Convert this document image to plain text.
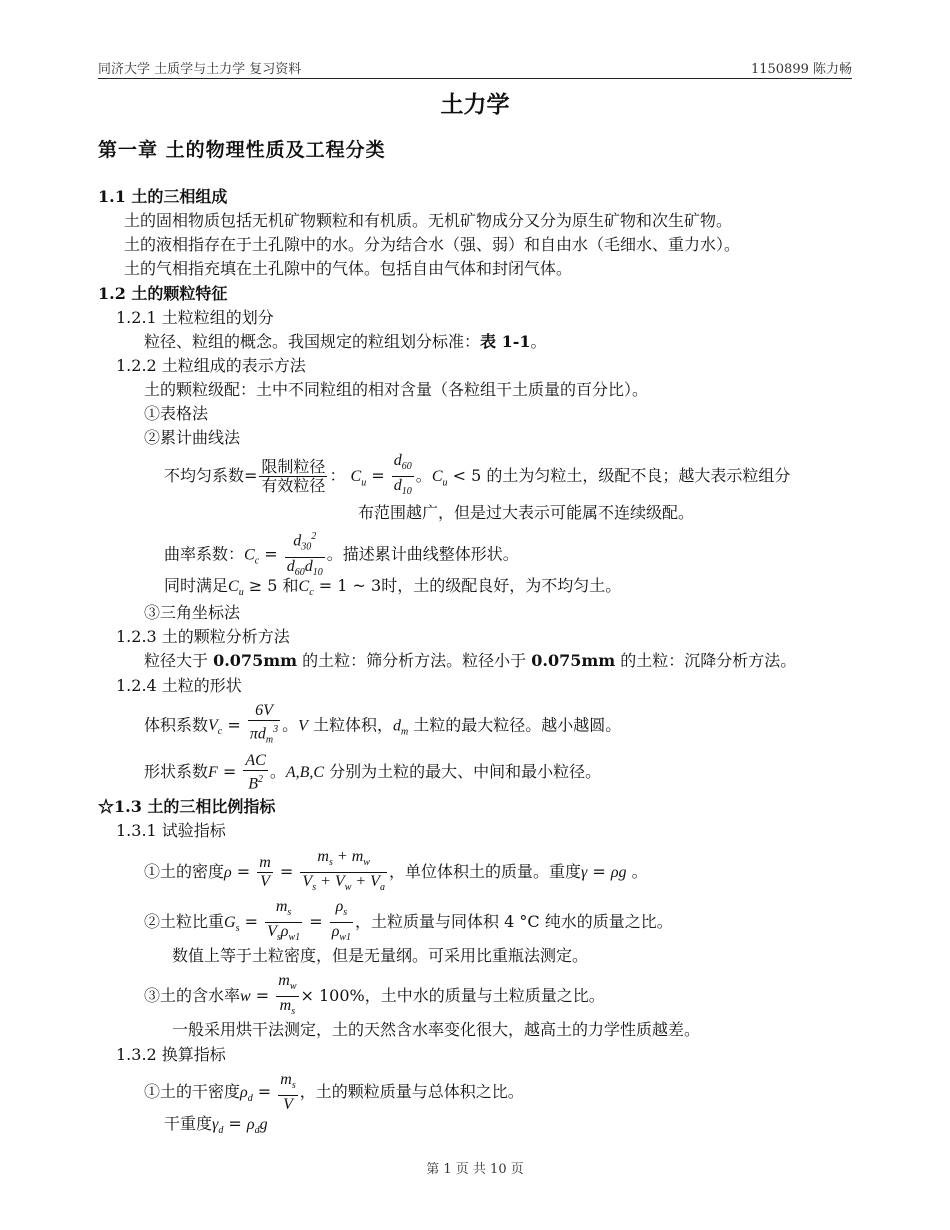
同济大学 土质学与土力学 复习资料	1150899 陈力畅
土力学
第一章 土的物理性质及工程分类
1.1 土的三相组成
土的固相物质包括无机矿物颗粒和有机质。无机矿物成分又分为原生矿物和次生矿物。
土的液相指存在于土孔隙中的水。分为结合水（强、弱）和自由水（毛细水、重力水）。
土的气相指充填在土孔隙中的气体。包括自由气体和封闭气体。
1.2 土的颗粒特征
1.2.1 土粒粒组的划分
粒径、粒组的概念。我国规定的粒组划分标准：表 1-1。
1.2.2 土粒组成的表示方法
土的颗粒级配：土中不同粒组的相对含量（各粒组干土质量的百分比）。
①表格法
②累计曲线法
不均匀系数= 限制粒径
有效粒径
： $C_u = \frac{d_{60}}{d_{10}}$ 。$C_u < 5$ 的土为匀粒土，级配不良；越大表示粒组分
布范围越广，但是过大表示可能属不连续级配。
曲率系数：$C_c = \frac{d_{30}^2}{d_{60}d_{10}}$ 。描述累计曲线整体形状。
同时满足$C_u \ge 5$ 和$C_c = 1$ ~ 3时，土的级配良好，为不均匀土。
③三角坐标法
1.2.3 土的颗粒分析方法
粒径大于 0.075mm 的土粒：筛分析方法。粒径小于 0.075mm 的土粒：沉降分析方法。
1.2.4 土粒的形状
体积系数$V_c$ =
6V
$\pi d_m^3$ 。V 土粒体积，$d_m$ 土粒的最大粒径。越小越圆。
形状系数$F = \frac{AC}{B^2}$ 。A,B,C 分别为土粒的最大、中间和最小粒径。
☆1.3 土的三相比例指标
1.3.1 试验指标
①土的密度$\rho = \frac{m}{V} = \frac{m_s + m_w}{V_s + V_w + V_a}$ ，单位体积土的质量。重度γ = ρg 。
②土粒比重$G_s$ =
$m_s$
$V_s\rho_{w1}$
= $\frac{\rho_s}{\rho_{w1}}$ ，土粒质量与同体积 4 °C 纯水的质量之比。
数值上等于土粒密度，但是无量纲。可采用比重瓶法测定。
③土的含水率$w = \frac{m_w}{m_s} \times 100\%$，土中水的质量与土粒质量之比。
一般采用烘干法测定，土的天然含水率变化很大，越高土的力学性质越差。
1.3.2 换算指标
①土的干密度$\rho_d = \frac{m_s}{V}$ ，土的颗粒质量与总体积之比。
干重度$\gamma_d = \rho_dg$
第 1 页 共 10 页
